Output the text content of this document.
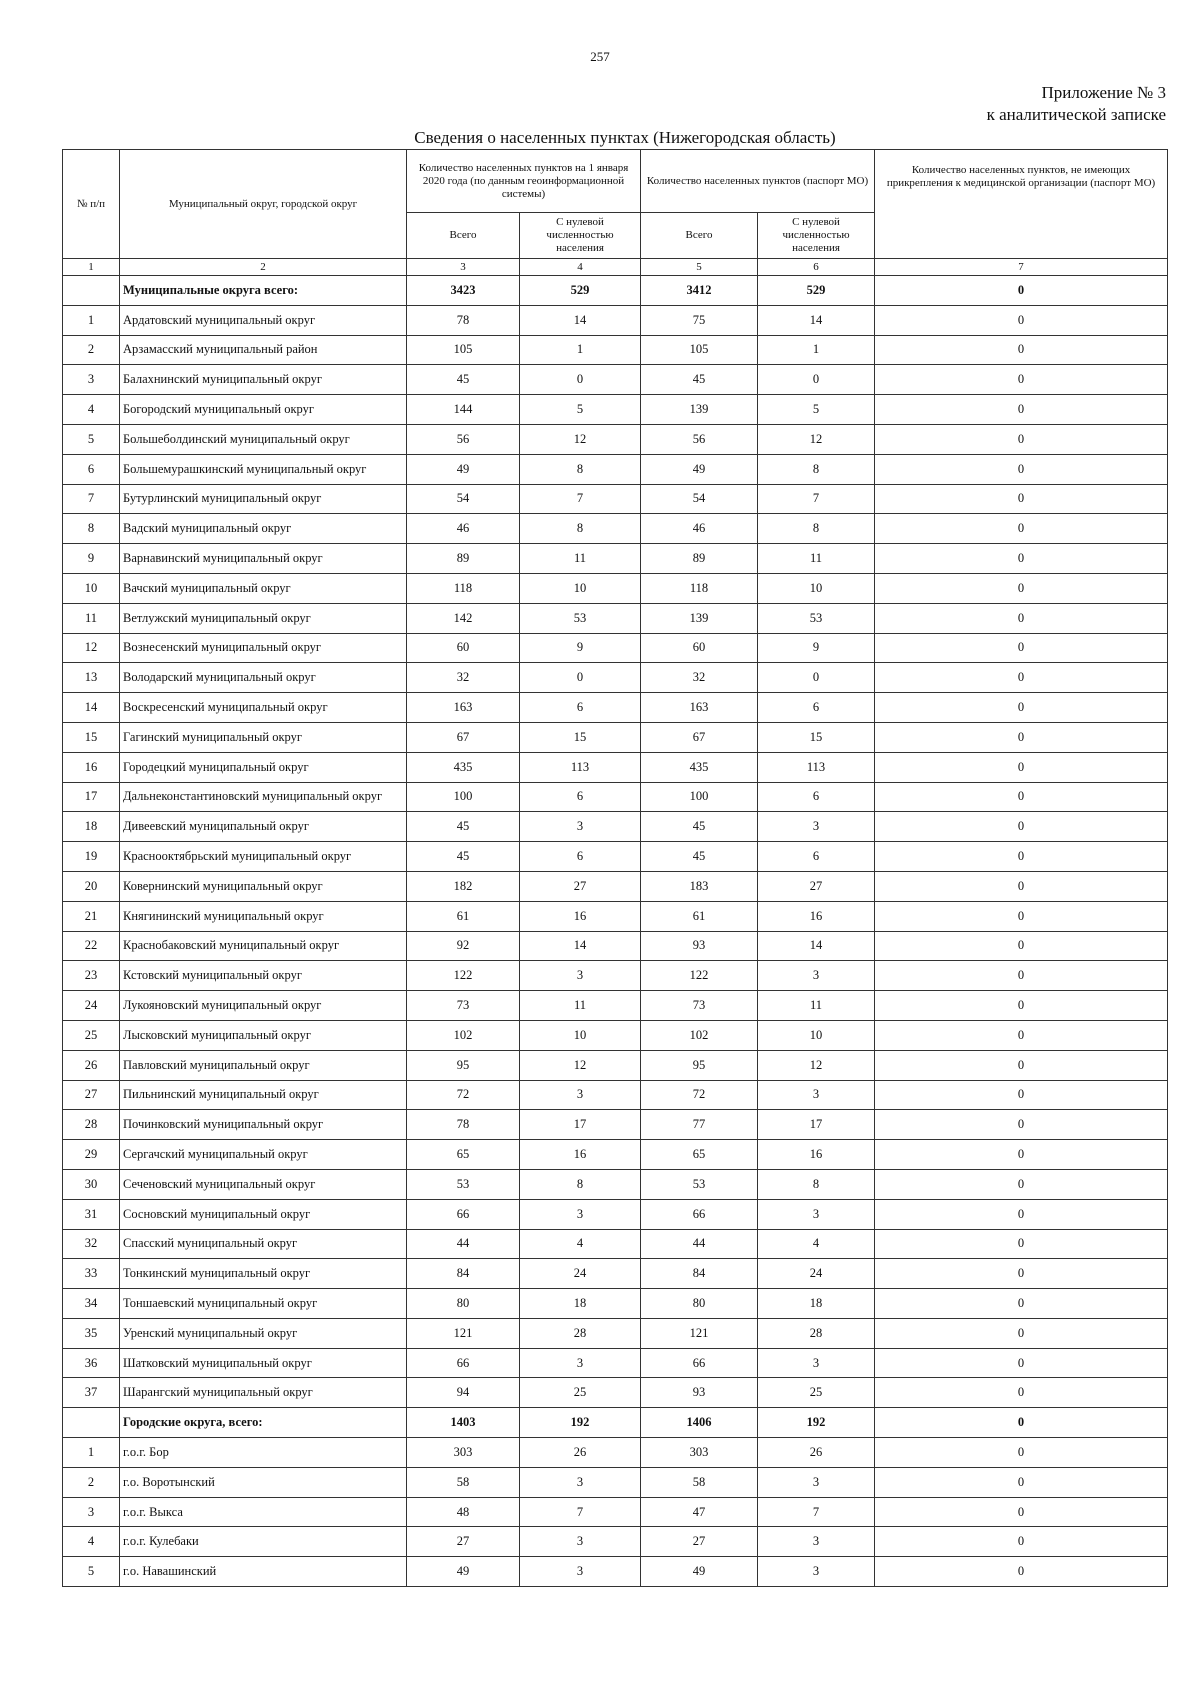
257
Приложение № 3
к аналитической записке
Сведения о населенных пунктах (Нижегородская область)
№ п/п	Муниципальный округ, городской округ	Количество населенных пунктов на 1 января 2020 года (по данным геоинформационной системы)		Количество населенных пунктов (паспорт МО)		Количество населенных пунктов, не имеющих прикрепления к медицинской организации (паспорт МО)
		Всего	С нулевой численностью населения	Всего	С нулевой численностью населения	
1	2	3	4	5	6	7
	Муниципальные округа всего:	3423	529	3412	529	0
1	Ардатовский муниципальный округ	78	14	75	14	0
2	Арзамасский муниципальный район	105	1	105	1	0
3	Балахнинский муниципальный округ	45	0	45	0	0
4	Богородский муниципальный округ	144	5	139	5	0
5	Большеболдинский муниципальный округ	56	12	56	12	0
6	Большемурашкинский муниципальный округ	49	8	49	8	0
7	Бутурлинский муниципальный округ	54	7	54	7	0
8	Вадский муниципальный округ	46	8	46	8	0
9	Варнавинский муниципальный округ	89	11	89	11	0
10	Вачский муниципальный округ	118	10	118	10	0
11	Ветлужский муниципальный округ	142	53	139	53	0
12	Вознесенский муниципальный округ	60	9	60	9	0
13	Володарский муниципальный округ	32	0	32	0	0
14	Воскресенский муниципальный округ	163	6	163	6	0
15	Гагинский муниципальный округ	67	15	67	15	0
16	Городецкий муниципальный округ	435	113	435	113	0
17	Дальнеконстантиновский муниципальный округ	100	6	100	6	0
18	Дивеевский муниципальный округ	45	3	45	3	0
19	Краснооктябрьский муниципальный округ	45	6	45	6	0
20	Ковернинский муниципальный округ	182	27	183	27	0
21	Княгининский муниципальный округ	61	16	61	16	0
22	Краснобаковский муниципальный округ	92	14	93	14	0
23	Кстовский муниципальный округ	122	3	122	3	0
24	Лукояновский муниципальный округ	73	11	73	11	0
25	Лысковский муниципальный округ	102	10	102	10	0
26	Павловский муниципальный округ	95	12	95	12	0
27	Пильнинский муниципальный округ	72	3	72	3	0
28	Починковский муниципальный округ	78	17	77	17	0
29	Сергачский муниципальный округ	65	16	65	16	0
30	Сеченовский муниципальный округ	53	8	53	8	0
31	Сосновский муниципальный округ	66	3	66	3	0
32	Спасский муниципальный округ	44	4	44	4	0
33	Тонкинский муниципальный округ	84	24	84	24	0
34	Тоншаевский муниципальный округ	80	18	80	18	0
35	Уренский муниципальный округ	121	28	121	28	0
36	Шатковский муниципальный округ	66	3	66	3	0
37	Шарангский муниципальный округ	94	25	93	25	0
	Городские округа, всего:	1403	192	1406	192	0
1	г.о.г. Бор	303	26	303	26	0
2	г.о. Воротынский	58	3	58	3	0
3	г.о.г. Выкса	48	7	47	7	0
4	г.о.г. Кулебаки	27	3	27	3	0
5	г.о. Навашинский	49	3	49	3	0
